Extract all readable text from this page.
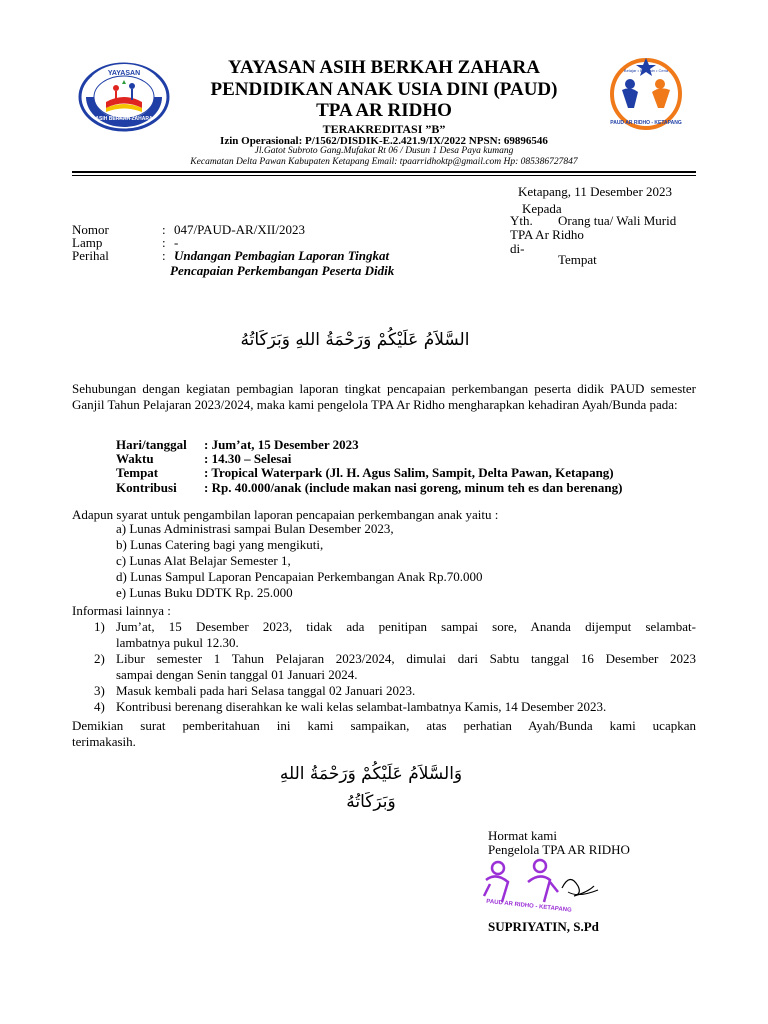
YAYASAN
ASIH BERKAH ZAHARA
Belajar • Bermain • Ceria
PAUD AR RIDHO - KETAPANG
YAYASAN ASIH BERKAH ZAHARA
PENDIDIKAN ANAK USIA DINI (PAUD)
TPA AR RIDHO
TERAKREDITASI ”B”
Izin Operasional: P/1562/DISDIK-E.2.421.9/IX/2022 NPSN: 69896546
Jl.Gatot Subroto Gang.Mufakat Rt 06 / Dusun 1 Desa Paya kumang
Kecamatan Delta Pawan Kabupaten Ketapang Email: tpaarridhoktp@gmail.com Hp: 085386727847
Ketapang, 11 Desember 2023
Kepada
Yth. Orang tua/ Wali Murid
TPA Ar Ridho
di-
Tempat
Nomor	: 047/PAUD-AR/XII/2023
Lamp	: -
Perihal	: Undangan Pembagian Laporan Tingkat
Pencapaian Perkembangan Peserta Didik
السَّلاَمُ عَلَيْكُمْ وَرَحْمَةُ اللهِ وَبَرَكَاتُهُ
Sehubungan dengan kegiatan pembagian laporan tingkat pencapaian perkembangan peserta didik PAUD semester Ganjil Tahun Pelajaran 2023/2024, maka kami pengelola TPA Ar Ridho mengharapkan kehadiran Ayah/Bunda pada:
Hari/tanggal : Jum’at, 15 Desember 2023
Waktu	: 14.30 – Selesai
Tempat	: Tropical Waterpark (Jl. H. Agus Salim, Sampit, Delta Pawan, Ketapang)
Kontribusi : Rp. 40.000/anak (include makan nasi goreng, minum teh es dan berenang)
Adapun syarat untuk pengambilan laporan pencapaian perkembangan anak yaitu :
a) Lunas Administrasi sampai Bulan Desember 2023,
b) Lunas Catering bagi yang mengikuti,
c) Lunas Alat Belajar Semester 1,
d) Lunas Sampul Laporan Pencapaian Perkembangan Anak Rp.70.000
e) Lunas Buku DDTK Rp. 25.000
Informasi lainnya :
1) Jum’at, 15 Desember 2023, tidak ada penitipan sampai sore, Ananda dijemput selambat-
lambatnya pukul 12.30.
2) Libur semester 1 Tahun Pelajaran 2023/2024, dimulai dari Sabtu tanggal 16 Desember 2023
sampai dengan Senin tanggal 01 Januari 2024.
3) Masuk kembali pada hari Selasa tanggal 02 Januari 2023.
4) Kontribusi berenang diserahkan ke wali kelas selambat-lambatnya Kamis, 14 Desember 2023.
Demikian surat pemberitahuan ini kami sampaikan, atas perhatian Ayah/Bunda kami ucapkan
terimakasih.
وَالسَّلاَمُ عَلَيْكُمْ وَرَحْمَةُ اللهِ وَبَرَكَاتُهُ
Hormat kami
Pengelola TPA AR RIDHO
PAUD AR RIDHO - KETAPANG
SUPRIYATIN, S.Pd
